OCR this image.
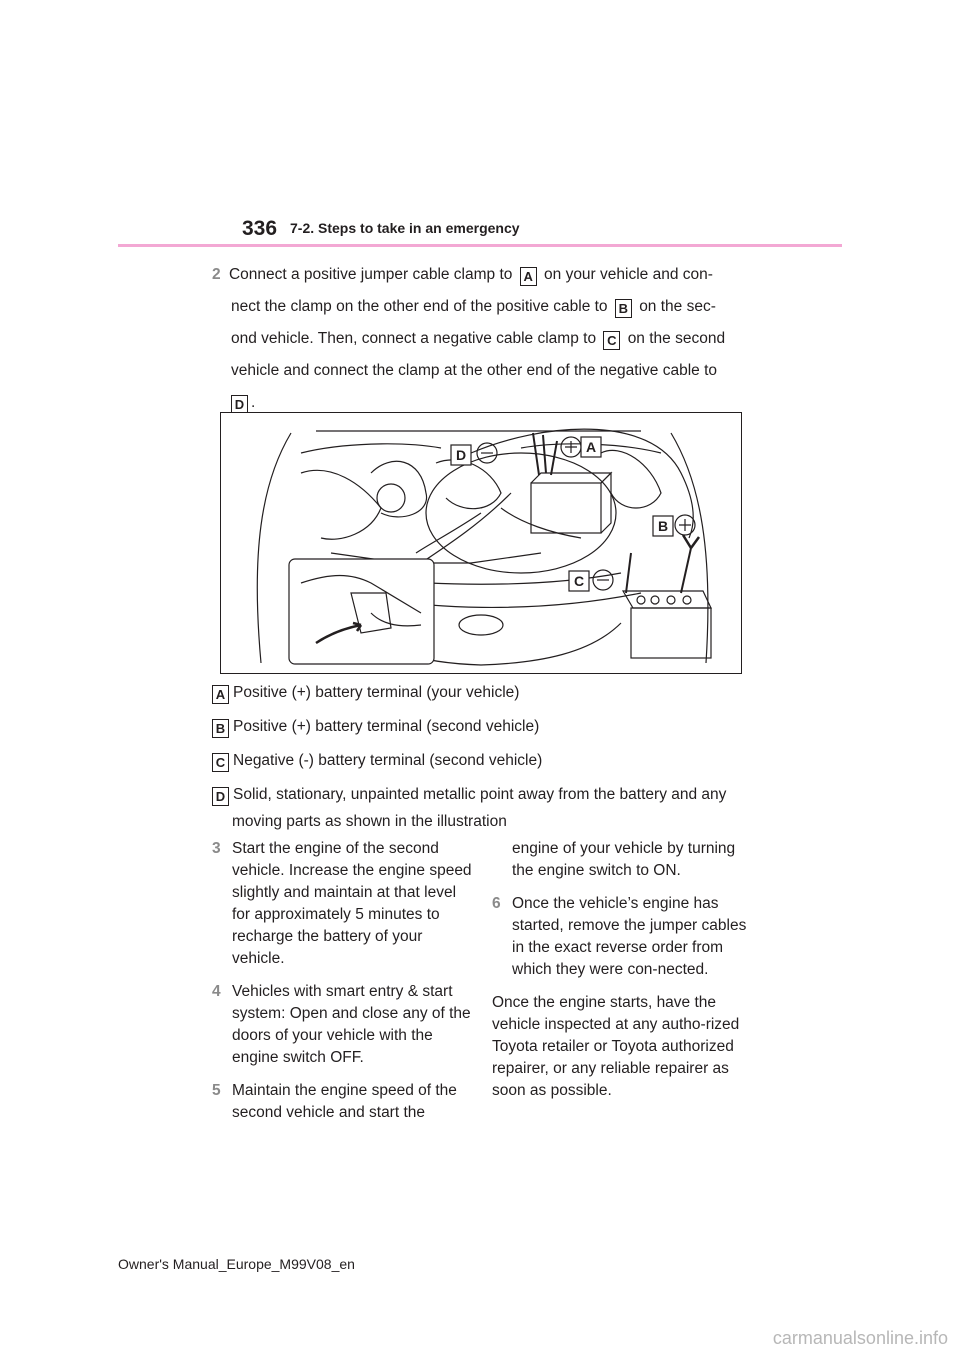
336 7-2. Steps to take in an emergency
2 Connect a positive jumper cable clamp to A on your vehicle and con-
nect the clamp on the other end of the positive cable to B on the sec-
ond vehicle. Then, connect a negative cable clamp to C on the second
vehicle and connect the clamp at the other end of the negative cable to
D .
D	A
B
C
A Positive (+) battery terminal (your vehicle)
B Positive (+) battery terminal (second vehicle)
C Negative (-) battery terminal (second vehicle)
D Solid, stationary, unpainted metallic point away from the battery and any
moving parts as shown in the illustration
3 Start the engine of the second vehicle. Increase the engine speed slightly and maintain at that level for approximately 5 minutes to recharge the battery of your vehicle.
4 Vehicles with smart entry & start system: Open and close any of the doors of your vehicle with the engine switch OFF.
5 Maintain the engine speed of the second vehicle and start the
engine of your vehicle by turning the engine switch to ON.
6 Once the vehicle’s engine has started, remove the jumper cables in the exact reverse order from which they were con-nected.

Once the engine starts, have the vehicle inspected at any autho-rized Toyota retailer or Toyota authorized repairer, or any reliable repairer as soon as possible.

Owner's Manual_Europe_M99V08_en
carmanualsonline.info
